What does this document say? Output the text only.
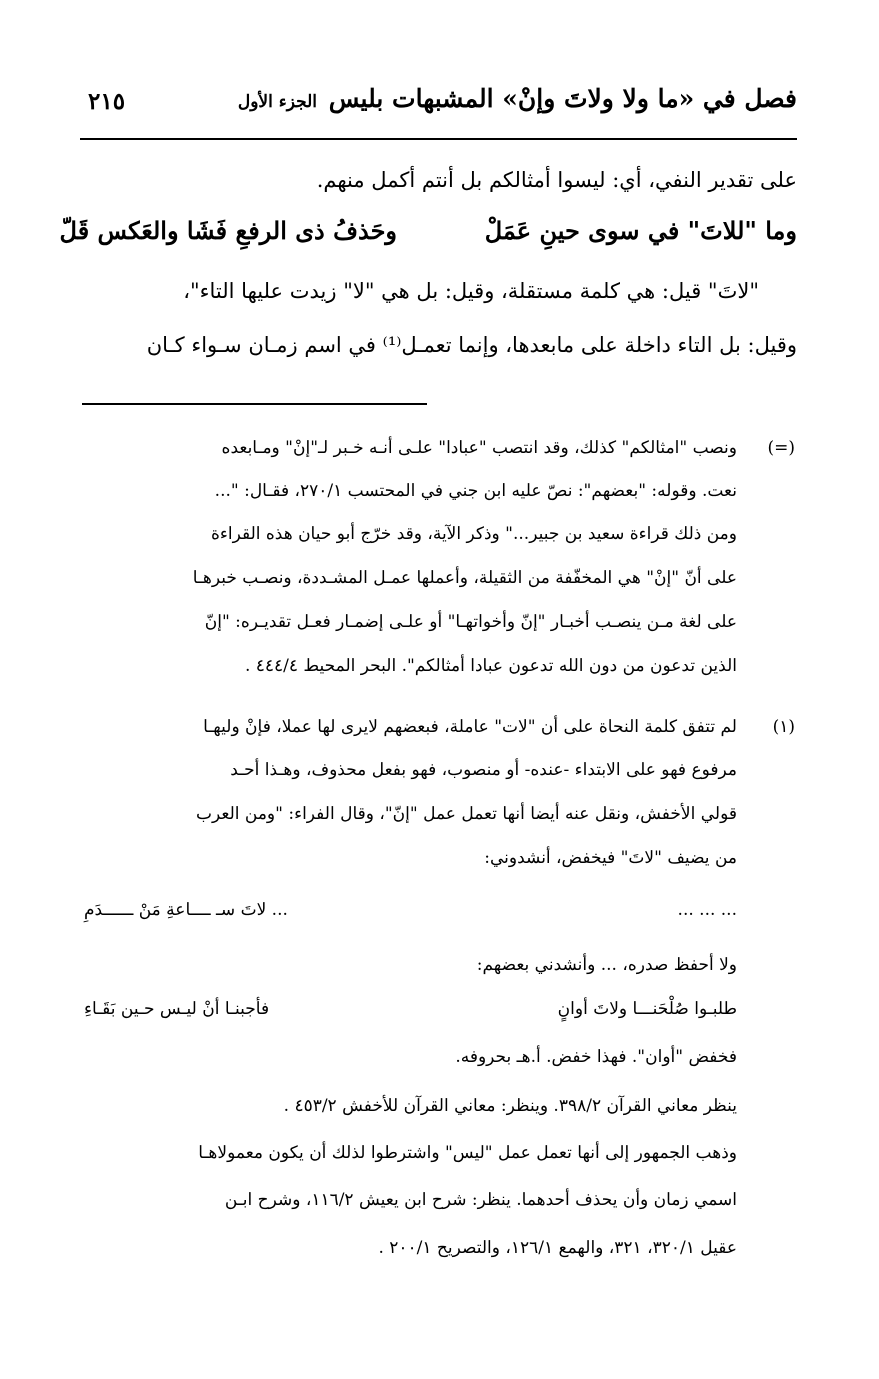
فصل في «ما ولا ولاتَ وإنْ» المشبهات بليس
الجزء الأول
٢١٥
على تقدير النفي، أي: ليسوا أمثالكم بل أنتم أكمل منهم.
وما "للاتَ" في سوى حينِ عَمَلْ
وحَذفُ ذى الرفعِ فَشَا والعَكس قَلّ
"لاتَ" قيل: هي كلمة مستقلة، وقيل: بل هي "لا" زيدت عليها التاء"،
وقيل: بل التاء داخلة على مابعدها، وإنما تعمـل⁽¹⁾ في اسم زمـان سـواء كـان
(=)
ونصب "امثالكم" كذلك، وقد انتصب "عبادا" علـى أنـه خـبر لـ"إنْ" ومـابعده
نعت. وقوله: "بعضهم": نصّ عليه ابن جني في المحتسب ٢٧٠/١، فقـال: "...
ومن ذلك قراءة سعيد بن جبير..." وذكر الآية، وقد خرّج أبو حيان هذه القراءة
على أنّ "إنْ" هي المخفّفة من الثقيلة، وأعملها عمـل المشـددة، ونصـب خبرهـا
على لغة مـن ينصـب أخبـار "إنّ وأخواتهـا" أو علـى إضمـار فعـل تقديـره: "إنّ
الذين تدعون من دون الله تدعون عبادا أمثالكم". البحر المحيط ٤٤٤/٤ .
(١)
لم تتفق كلمة النحاة على أن "لات" عاملة، فبعضهم لايرى لها عملا، فإنْ وليهـا
مرفوع فهو على الابتداء -عنده- أو منصوب، فهو بفعل محذوف، وهـذا أحـد
قولي الأخفش، ونقل عنه أيضا أنها تعمل عمل "إنّ"، وقال الفراء: "ومن العرب
من يضيف "لاتَ" فيخفض، أنشدوني:
... ... ...
... لاتَ سـ ــــاعةِ مَنْ ــــــدَمِ
ولا أحفظ صدره، ... وأنشدني بعضهم:
طلبـوا صُلْحَنـــا ولاتَ أوانٍ
فأجبنـا أنْ ليـس حـين بَقَـاءِ
فخفض "أوان". فهذا خفض. أ.هـ بحروفه.
ينظر معاني القرآن ٣٩٨/٢. وينظر: معاني القرآن للأخفش ٤٥٣/٢ .
وذهب الجمهور إلى أنها تعمل عمل "ليس" واشترطوا لذلك أن يكون معمولاهـا
اسمي زمان وأن يحذف أحدهما. ينظر: شرح ابن يعيش ١١٦/٢، وشرح ابـن
عقيل ٣٢٠/١، ٣٢١، والهمع ١٢٦/١، والتصريح ٢٠٠/١ .
